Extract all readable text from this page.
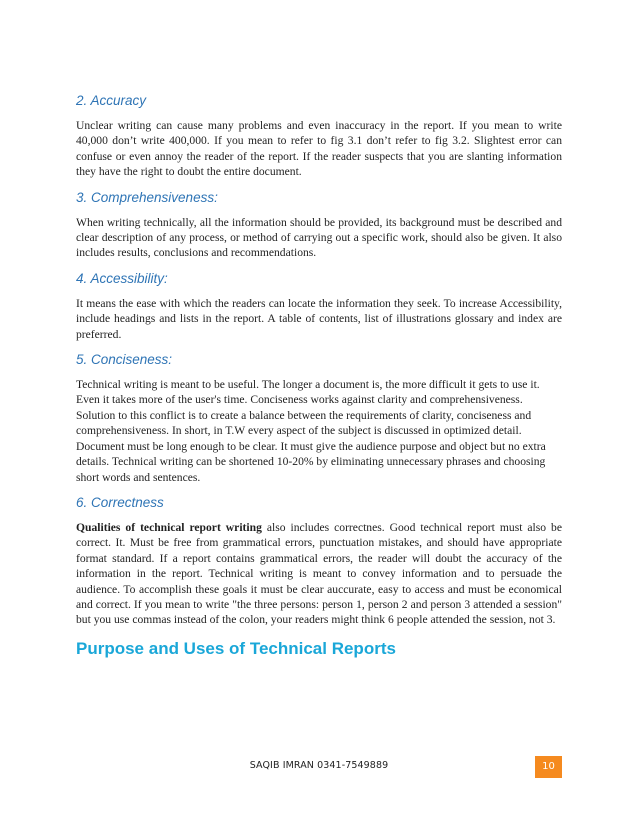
2. Accuracy

Unclear writing can cause many problems and even inaccuracy in the report. If you mean to write 40,000 don’t write 400,000. If you mean to refer to fig 3.1 don’t refer to fig 3.2. Slightest error can confuse or even annoy the reader of the report. If the reader suspects that you are slanting information they have the right to doubt the entire document.

3. Comprehensiveness:

When writing technically, all the information should be provided, its background must be described and clear description of any process, or method of carrying out a specific work, should also be given. It also includes results, conclusions and recommendations.

4. Accessibility:

It means the ease with which the readers can locate the information they seek. To increase Accessibility, include headings and lists in the report. A table of contents, list of illustrations glossary and index are preferred.

5. Conciseness:

Technical writing is meant to be useful. The longer a document is, the more difficult it gets to use it. Even it takes more of the user's time. Conciseness works against clarity and comprehensiveness. Solution to this conflict is to create a balance between the requirements of clarity, conciseness and comprehensiveness. In short, in T.W every aspect of the subject is discussed in optimized detail. Document must be long enough to be clear. It must give the audience purpose and object but no extra details. Technical writing can be shortened 10-20% by eliminating unnecessary phrases and choosing short words and sentences.

6. Correctness

Qualities of technical report writing also includes correctnes. Good technical report must also be correct. It. Must be free from grammatical errors, punctuation mistakes, and should have appropriate format standard. If a report contains grammatical errors, the reader will doubt the accuracy of the information in the report. Technical writing is meant to convey information and to persuade the audience. To accomplish these goals it must be clear auccurate, easy to access and must be economical and correct. If you mean to write "the three persons: person 1, person 2 and person 3 attended a session" but you use commas instead of the colon, your readers might think 6 people attended the session, not 3.

Purpose and Uses of Technical Reports
SAQIB IMRAN 0341-7549889	10
